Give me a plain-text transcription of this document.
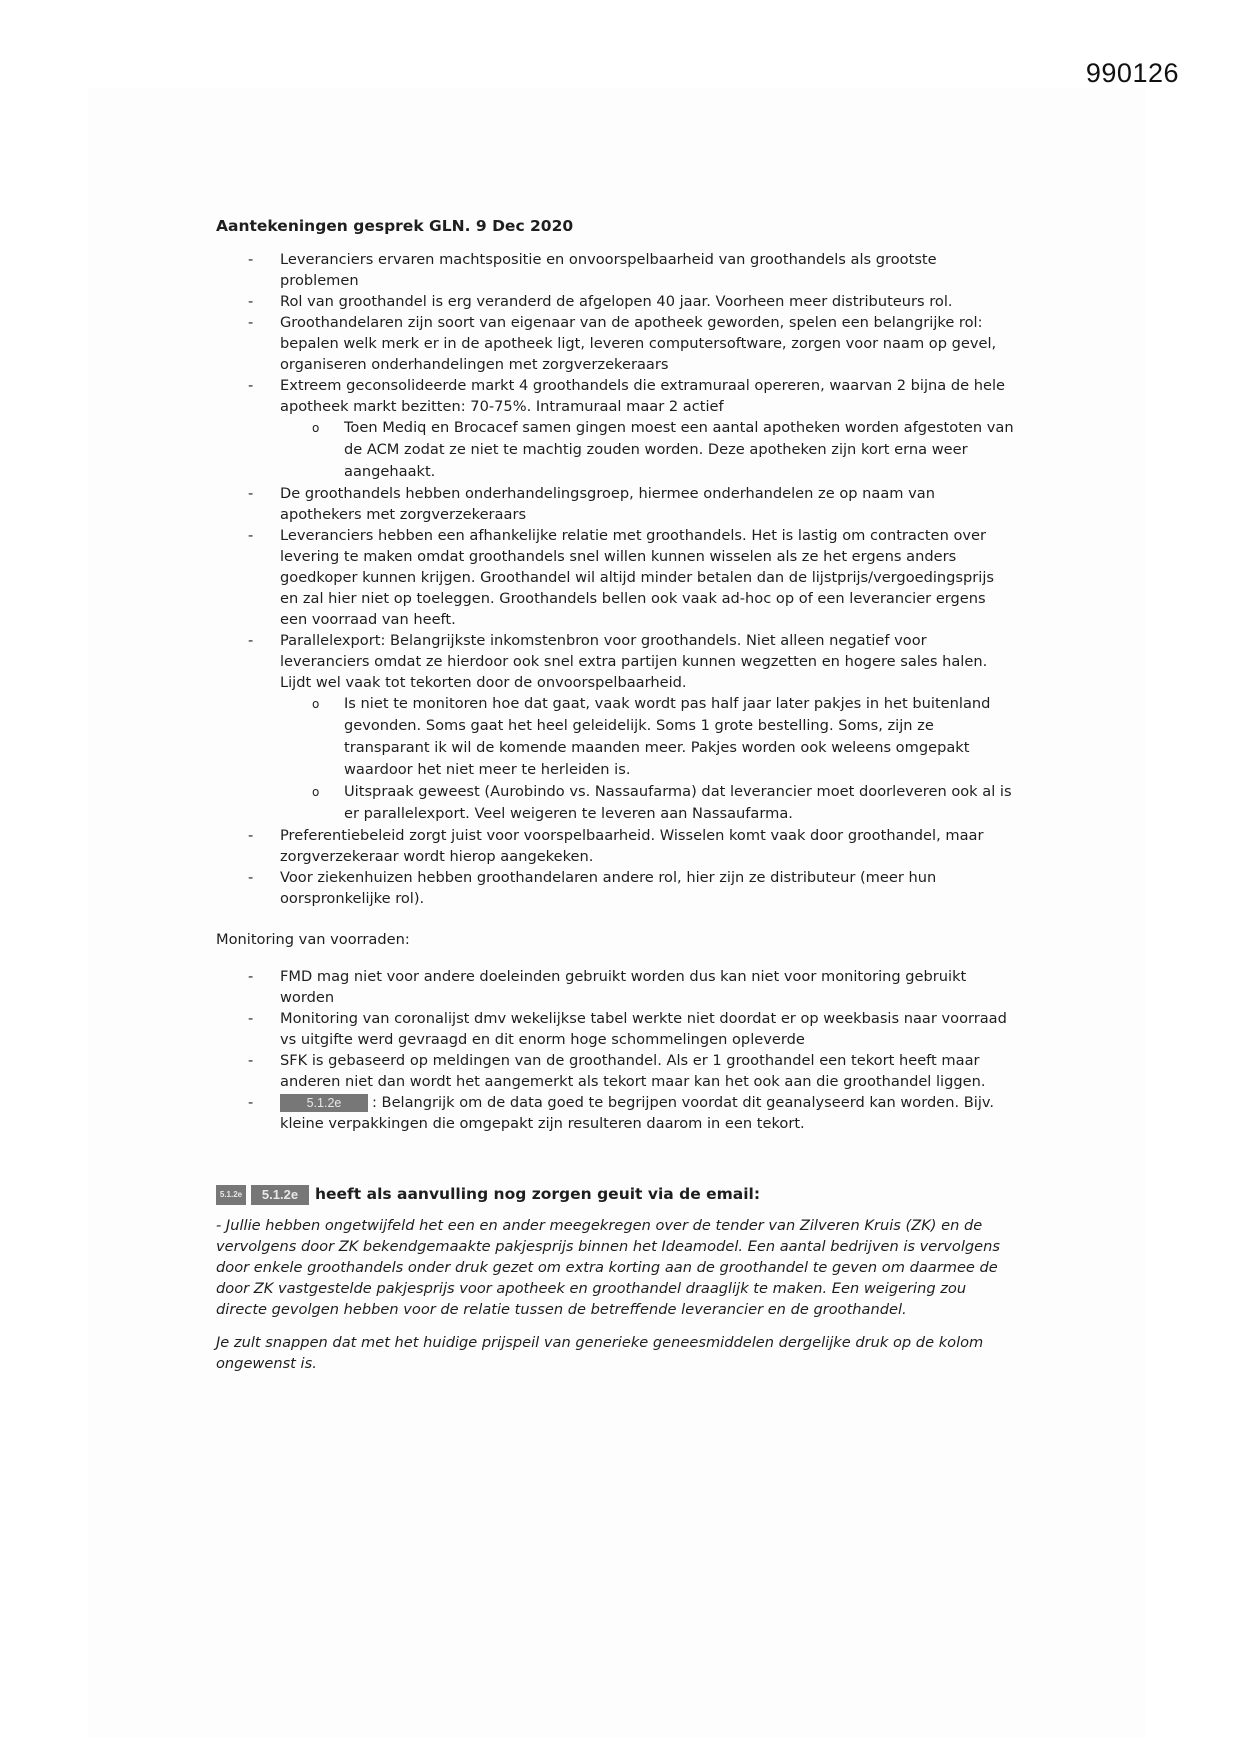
990126
Aantekeningen gesprek GLN. 9 Dec 2020
- Leveranciers ervaren machtspositie en onvoorspelbaarheid van groothandels als grootste problemen
- Rol van groothandel is erg veranderd de afgelopen 40 jaar. Voorheen meer distributeurs rol.
- Groothandelaren zijn soort van eigenaar van de apotheek geworden, spelen een belangrijke rol: bepalen welk merk er in de apotheek ligt, leveren computersoftware, zorgen voor naam op gevel, organiseren onderhandelingen met zorgverzekeraars
- Extreem geconsolideerde markt 4 groothandels die extramuraal opereren, waarvan 2 bijna de hele apotheek markt bezitten: 70-75%. Intramuraal maar 2 actief
o Toen Mediq en Brocacef samen gingen moest een aantal apotheken worden afgestoten van de ACM zodat ze niet te machtig zouden worden. Deze apotheken zijn kort erna weer aangehaakt.
- De groothandels hebben onderhandelingsgroep, hiermee onderhandelen ze op naam van apothekers met zorgverzekeraars
- Leveranciers hebben een afhankelijke relatie met groothandels. Het is lastig om contracten over levering te maken omdat groothandels snel willen kunnen wisselen als ze het ergens anders goedkoper kunnen krijgen. Groothandel wil altijd minder betalen dan de lijstprijs/vergoedingsprijs en zal hier niet op toeleggen. Groothandels bellen ook vaak ad-hoc op of een leverancier ergens een voorraad van heeft.
- Parallelexport: Belangrijkste inkomstenbron voor groothandels. Niet alleen negatief voor leveranciers omdat ze hierdoor ook snel extra partijen kunnen wegzetten en hogere sales halen. Lijdt wel vaak tot tekorten door de onvoorspelbaarheid.
o Is niet te monitoren hoe dat gaat, vaak wordt pas half jaar later pakjes in het buitenland gevonden. Soms gaat het heel geleidelijk. Soms 1 grote bestelling. Soms, zijn ze transparant ik wil de komende maanden meer. Pakjes worden ook weleens omgepakt waardoor het niet meer te herleiden is.
o Uitspraak geweest (Aurobindo vs. Nassaufarma) dat leverancier moet doorleveren ook al is er parallelexport. Veel weigeren te leveren aan Nassaufarma.
- Preferentiebeleid zorgt juist voor voorspelbaarheid. Wisselen komt vaak door groothandel, maar zorgverzekeraar wordt hierop aangekeken.
- Voor ziekenhuizen hebben groothandelaren andere rol, hier zijn ze distributeur (meer hun oorspronkelijke rol).
Monitoring van voorraden:
- FMD mag niet voor andere doeleinden gebruikt worden dus kan niet voor monitoring gebruikt worden
- Monitoring van coronalijst dmv wekelijkse tabel werkte niet doordat er op weekbasis naar voorraad vs uitgifte werd gevraagd en dit enorm hoge schommelingen opleverde
- SFK is gebaseerd op meldingen van de groothandel. Als er 1 groothandel een tekort heeft maar anderen niet dan wordt het aangemerkt als tekort maar kan het ook aan die groothandel liggen.
- 5.1.2e : Belangrijk om de data goed te begrijpen voordat dit geanalyseerd kan worden. Bijv. kleine verpakkingen die omgepakt zijn resulteren daarom in een tekort.
5.1.2e 5.1.2e heeft als aanvulling nog zorgen geuit via de email:

- Jullie hebben ongetwijfeld het een en ander meegekregen over de tender van Zilveren Kruis (ZK) en de vervolgens door ZK bekendgemaakte pakjesprijs binnen het Ideamodel. Een aantal bedrijven is vervolgens door enkele groothandels onder druk gezet om extra korting aan de groothandel te geven om daarmee de door ZK vastgestelde pakjesprijs voor apotheek en groothandel draaglijk te maken. Een weigering zou directe gevolgen hebben voor de relatie tussen de betreffende leverancier en de groothandel.

Je zult snappen dat met het huidige prijspeil van generieke geneesmiddelen dergelijke druk op de kolom ongewenst is.
